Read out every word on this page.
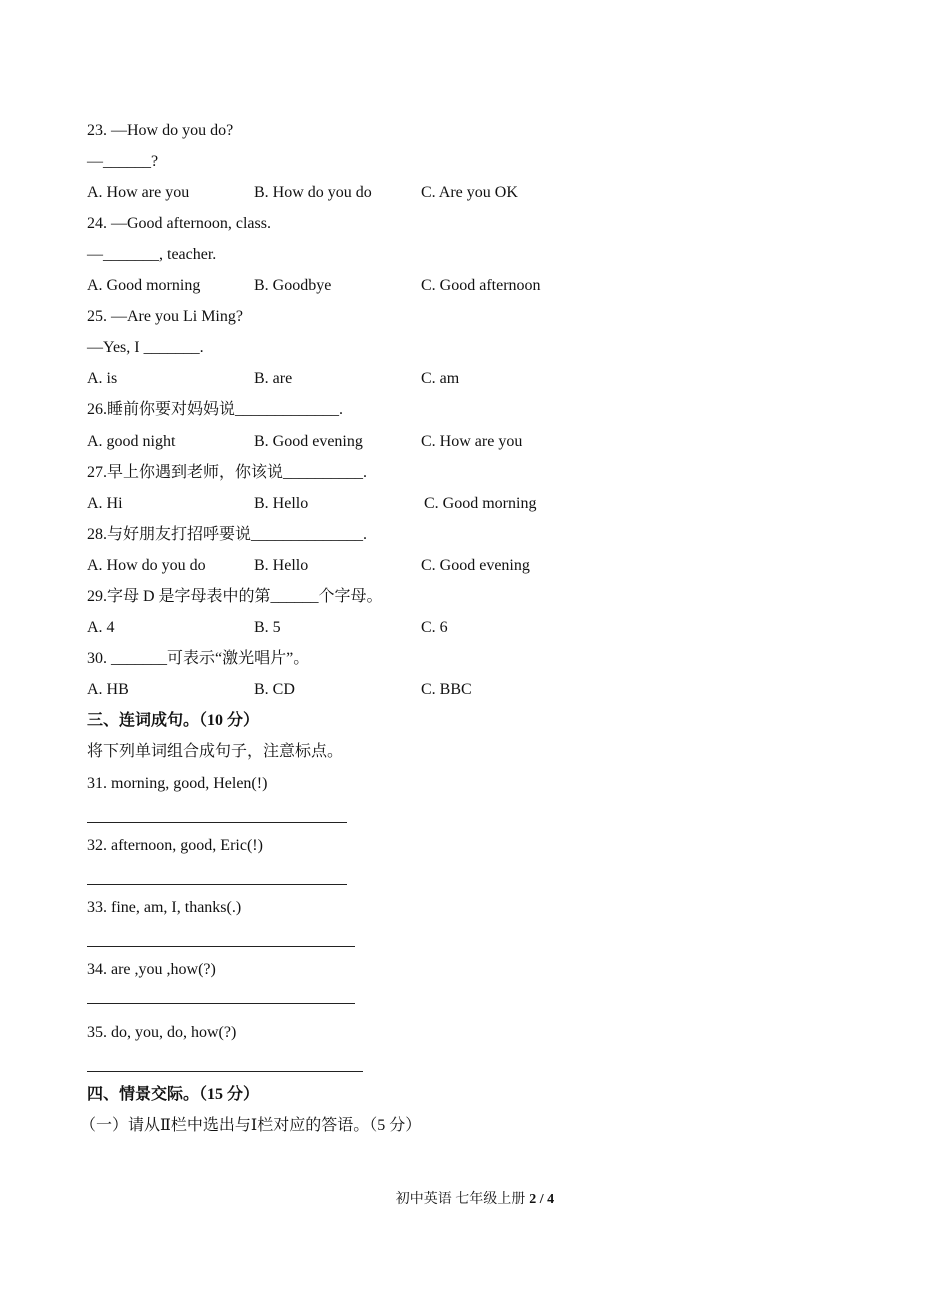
23. —How do you do?
—______?
A. How are you	B. How do you do	C. Are you OK
24. —Good afternoon, class.
—_______, teacher.
A. Good morning	B. Goodbye	C. Good afternoon
25. —Are you Li Ming?
—Yes, I _______.
A. is	B. are	C. am
26.睡前你要对妈妈说_____________.
A. good night	B. Good evening	C. How are you
27.早上你遇到老师，你该说__________.
A. Hi	B. Hello	C. Good morning
28.与好朋友打招呼要说______________.
A. How do you do	B. Hello	C. Good evening
29.字母 D 是字母表中的第______个字母。
A. 4	B. 5	C. 6
30. _______可表示“激光唱片”。
A. HB	B. CD	C. BBC
三、连词成句。（10 分）
将下列单词组合成句子，注意标点。
31. morning, good, Helen(!)
32. afternoon, good, Eric(!)
33. fine, am, I, thanks(.)
34. are ,you ,how(?)
35. do, you, do, how(?)
四、情景交际。（15 分）
（一）请从Ⅱ栏中选出与Ⅰ栏对应的答语。（5 分）
初中英语 七年级上册 2 / 4
